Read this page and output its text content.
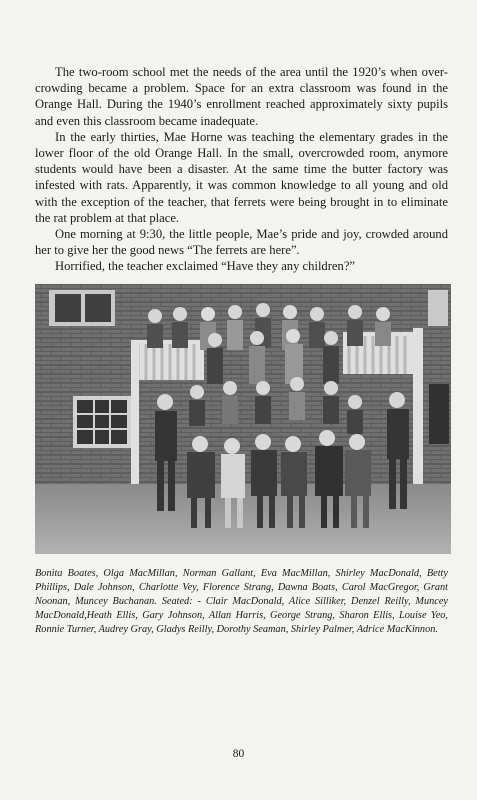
The two-room school met the needs of the area until the 1920’s when over-crowding became a problem. Space for an extra classroom was found in the Orange Hall. During the 1940’s enrollment reached approximately sixty pupils and even this classroom became inadequate.

In the early thirties, Mae Horne was teaching the elementary grades in the lower floor of the old Orange Hall. In the small, overcrowded room, anymore students would have been a disaster. At the same time the butter factory was infested with rats. Apparently, it was common knowledge to all young and old with the exception of the teacher, that ferrets were being brought in to eliminate the rat problem at that place.

One morning at 9:30, the little people, Mae’s pride and joy, crowded around her to give her the good news “The ferrets are here”.

Horrified, the teacher exclaimed “Have they any children?”

Bonita Boates, Olga MacMillan, Norman Gallant, Eva MacMillan, Shirley MacDonald, Betty Phillips, Dale Johnson, Charlotte Vey, Florence Strang, Dawna Boats, Carol MacGregor, Grant Noonan, Muncey Buchanan. Seated: - Clair MacDonald, Alice Silliker, Denzel Reilly, Muncey MacDonald,Heath Ellis, Gary Johnson, Allan Harris, George Strang, Sharon Ellis, Louise Yeo, Ronnie Turner, Audrey Gray, Gladys Reilly, Dorothy Seaman, Shirley Palmer, Adrice MacKinnon.

80
